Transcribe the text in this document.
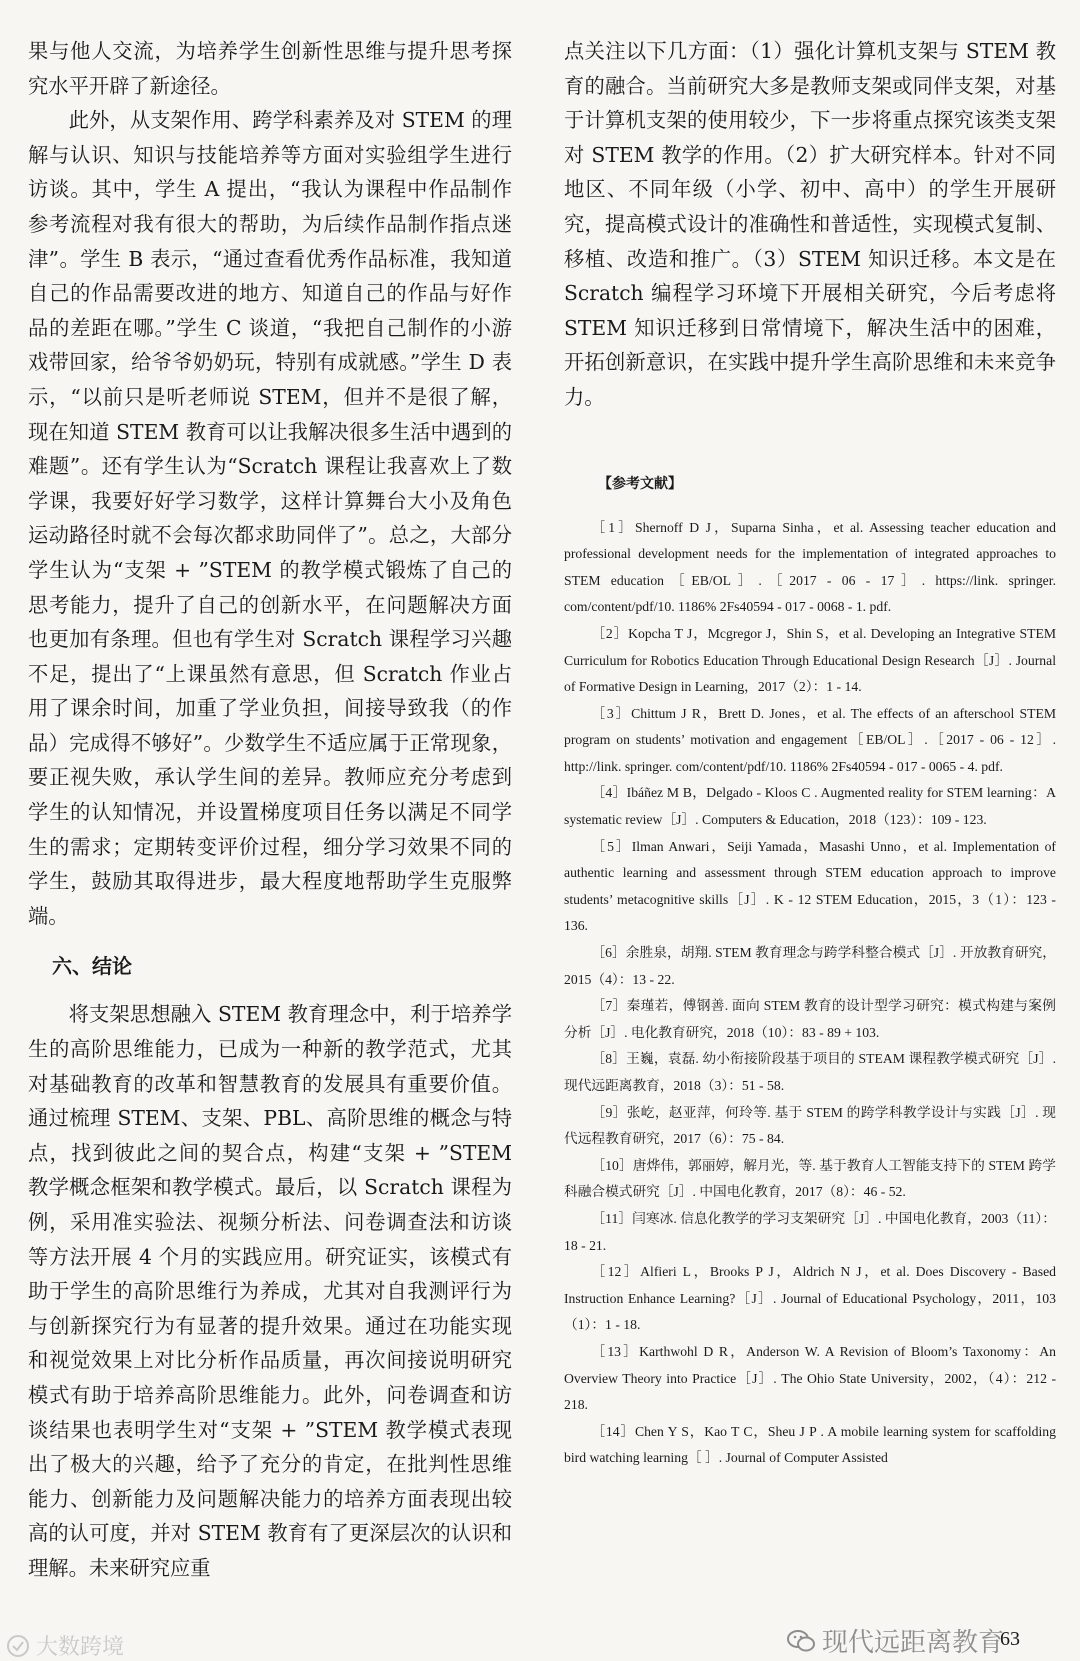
果与他人交流，为培养学生创新性思维与提升思考探究水平开辟了新途径。

此外，从支架作用、跨学科素养及对 STEM 的理解与认识、知识与技能培养等方面对实验组学生进行访谈。其中，学生 A 提出，“我认为课程中作品制作参考流程对我有很大的帮助，为后续作品制作指点迷津”。学生 B 表示，“通过查看优秀作品标准，我知道自己的作品需要改进的地方、知道自己的作品与好作品的差距在哪。”学生 C 谈道，“我把自己制作的小游戏带回家，给爷爷奶奶玩，特别有成就感。”学生 D 表示，“以前只是听老师说 STEM，但并不是很了解，现在知道 STEM 教育可以让我解决很多生活中遇到的难题”。还有学生认为“Scratch 课程让我喜欢上了数学课，我要好好学习数学，这样计算舞台大小及角色运动路径时就不会每次都求助同伴了”。总之，大部分学生认为“支架 + ”STEM 的教学模式锻炼了自己的思考能力，提升了自己的创新水平，在问题解决方面也更加有条理。但也有学生对 Scratch 课程学习兴趣不足，提出了“上课虽然有意思，但 Scratch 作业占用了课余时间，加重了学业负担，间接导致我（的作品）完成得不够好”。少数学生不适应属于正常现象，要正视失败，承认学生间的差异。教师应充分考虑到学生的认知情况，并设置梯度项目任务以满足不同学生的需求；定期转变评价过程，细分学习效果不同的学生，鼓励其取得进步，最大程度地帮助学生克服弊端。

六、结论

将支架思想融入 STEM 教育理念中，利于培养学生的高阶思维能力，已成为一种新的教学范式，尤其对基础教育的改革和智慧教育的发展具有重要价值。通过梳理 STEM、支架、PBL、高阶思维的概念与特点，找到彼此之间的契合点，构建“支架 + ”STEM 教学概念框架和教学模式。最后，以 Scratch 课程为例，采用准实验法、视频分析法、问卷调查法和访谈等方法开展 4 个月的实践应用。研究证实，该模式有助于学生的高阶思维行为养成，尤其对自我测评行为与创新探究行为有显著的提升效果。通过在功能实现和视觉效果上对比分析作品质量，再次间接说明研究模式有助于培养高阶思维能力。此外，问卷调查和访谈结果也表明学生对“支架 + ”STEM 教学模式表现出了极大的兴趣，给予了充分的肯定，在批判性思维能力、创新能力及问题解决能力的培养方面表现出较高的认可度，并对 STEM 教育有了更深层次的认识和理解。未来研究应重

点关注以下几方面：（1）强化计算机支架与 STEM 教育的融合。当前研究大多是教师支架或同伴支架，对基于计算机支架的使用较少，下一步将重点探究该类支架对 STEM 教学的作用。（2）扩大研究样本。针对不同地区、不同年级（小学、初中、高中）的学生开展研究，提高模式设计的准确性和普适性，实现模式复制、移植、改造和推广。（3）STEM 知识迁移。本文是在 Scratch 编程学习环境下开展相关研究，今后考虑将 STEM 知识迁移到日常情境下，解决生活中的困难，开拓创新意识，在实践中提升学生高阶思维和未来竞争力。

【参考文献】

［1］Shernoff D J，Suparna Sinha，et al. Assessing teacher education and professional development needs for the implementation of integrated approaches to STEM education［EB/OL］.［2017 - 06 - 17］. https://link. springer. com/content/pdf/10. 1186% 2Fs40594 - 017 - 0068 - 1. pdf.

［2］Kopcha T J，Mcgregor J，Shin S，et al. Developing an Integrative STEM Curriculum for Robotics Education Through Educational Design Research［J］. Journal of Formative Design in Learning，2017（2）：1 - 14.

［3］Chittum J R，Brett D. Jones，et al. The effects of an afterschool STEM program on students’ motivation and engagement［EB/OL］.［2017 - 06 - 12］. http://link. springer. com/content/pdf/10. 1186% 2Fs40594 - 017 - 0065 - 4. pdf.

［4］Ibáñez M B，Delgado - Kloos C . Augmented reality for STEM learning：A systematic review［J］. Computers & Education，2018（123）：109 - 123.

［5］Ilman Anwari，Seiji Yamada，Masashi Unno，et al. Implementation of authentic learning and assessment through STEM education approach to improve students’ metacognitive skills［J］. K - 12 STEM Education，2015，3（1）：123 - 136.

［6］余胜泉，胡翔. STEM 教育理念与跨学科整合模式［J］. 开放教育研究，2015（4）：13 - 22.

［7］秦瑾若，傅钢善. 面向 STEM 教育的设计型学习研究：模式构建与案例分析［J］. 电化教育研究，2018（10）：83 - 89 + 103.

［8］王巍，袁磊. 幼小衔接阶段基于项目的 STEAM 课程教学模式研究［J］. 现代远距离教育，2018（3）：51 - 58.

［9］张屹，赵亚萍，何玲等. 基于 STEM 的跨学科教学设计与实践［J］. 现代远程教育研究，2017（6）：75 - 84.

［10］唐烨伟，郭丽婷，解月光，等. 基于教育人工智能支持下的 STEM 跨学科融合模式研究［J］. 中国电化教育，2017（8）：46 - 52.

［11］闫寒冰. 信息化教学的学习支架研究［J］. 中国电化教育，2003（11）：18 - 21.

［12］Alfieri L，Brooks P J，Aldrich N J，et al. Does Discovery - Based Instruction Enhance Learning?［J］. Journal of Educational Psychology，2011，103（1）：1 - 18.

［13］Karthwohl D R，Anderson W. A Revision of Bloom’s Taxonomy：An Overview Theory into Practice［J］. The Ohio State University，2002，（4）：212 - 218.

［14］Chen Y S，Kao T C，Sheu J P . A mobile learning system for scaffolding bird watching learning［ ］. Journal of Computer Assisted

大数跨境	现代远距离教育
63
